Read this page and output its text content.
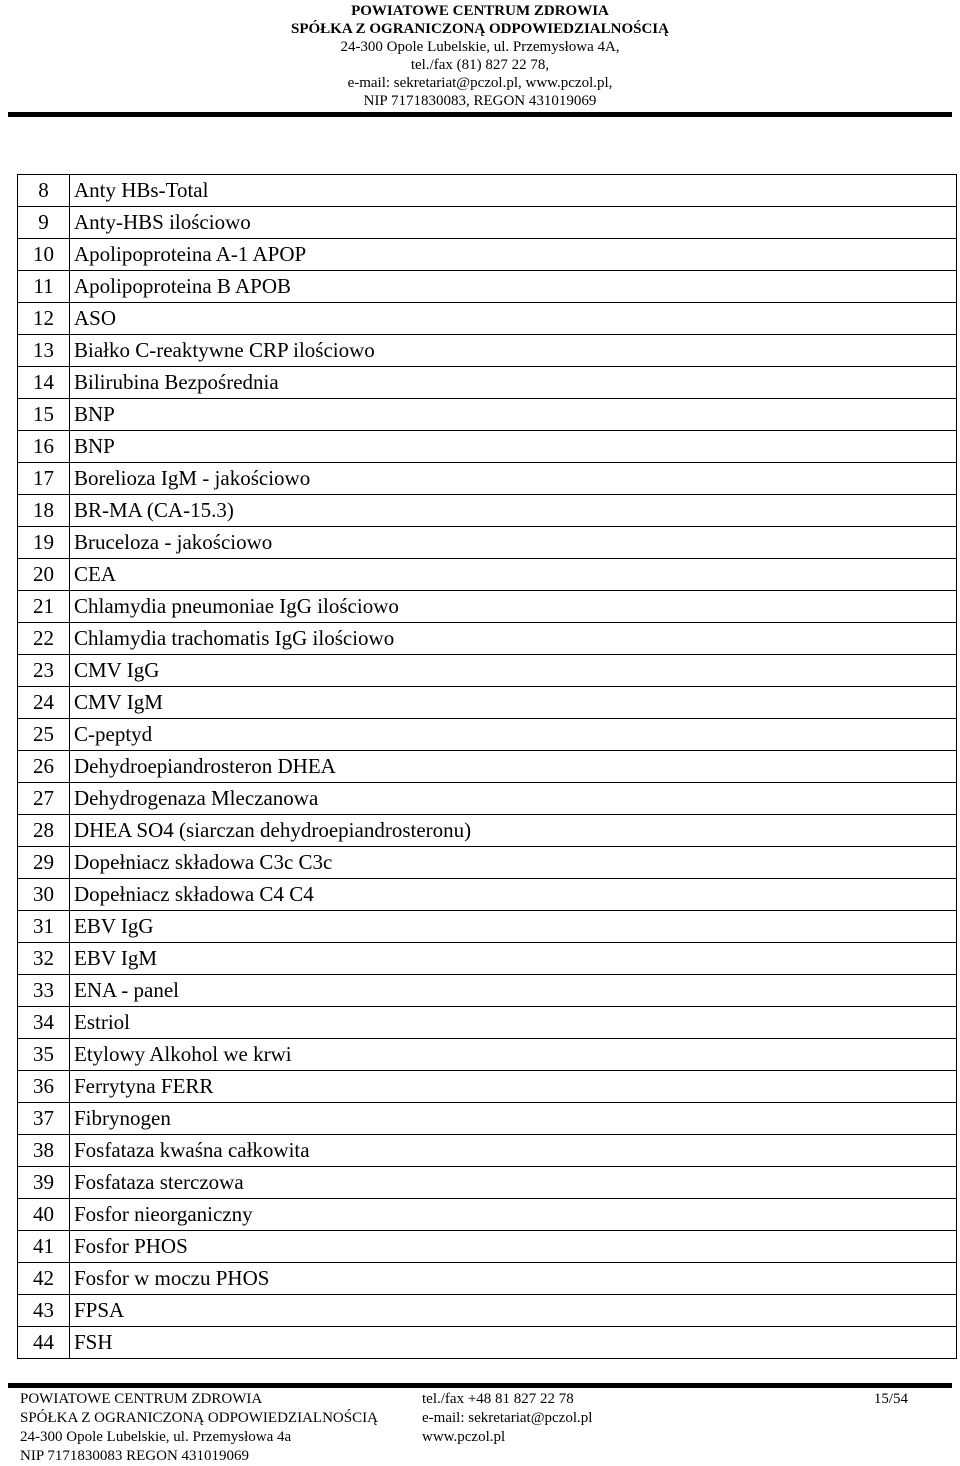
POWIATOWE CENTRUM ZDROWIA
SPÓŁKA Z OGRANICZONĄ ODPOWIEDZIALNOŚCIĄ
24-300 Opole Lubelskie, ul. Przemysłowa 4A,
tel./fax (81) 827 22 78,
e-mail: sekretariat@pczol.pl, www.pczol.pl,
NIP 7171830083, REGON 431019069
8	Anty HBs-Total
9	Anty-HBS ilościowo
10	Apolipoproteina A-1 APOP
11	Apolipoproteina B APOB
12	ASO
13	Białko C-reaktywne CRP ilościowo
14	Bilirubina Bezpośrednia
15	BNP
16	BNP
17	Borelioza IgM - jakościowo
18	BR-MA (CA-15.3)
19	Bruceloza - jakościowo
20	CEA
21	Chlamydia pneumoniae IgG ilościowo
22	Chlamydia trachomatis IgG ilościowo
23	CMV IgG
24	CMV IgM
25	C-peptyd
26	Dehydroepiandrosteron DHEA
27	Dehydrogenaza Mleczanowa
28	DHEA SO4 (siarczan dehydroepiandrosteronu)
29	Dopełniacz składowa C3c C3c
30	Dopełniacz składowa C4 C4
31	EBV IgG
32	EBV IgM
33	ENA - panel
34	Estriol
35	Etylowy Alkohol we krwi
36	Ferrytyna FERR
37	Fibrynogen
38	Fosfataza kwaśna całkowita
39	Fosfataza sterczowa
40	Fosfor nieorganiczny
41	Fosfor PHOS
42	Fosfor w moczu PHOS
43	FPSA
44	FSH
POWIATOWE CENTRUM ZDROWIA
SPÓŁKA Z OGRANICZONĄ ODPOWIEDZIALNOŚCIĄ
24-300 Opole Lubelskie, ul. Przemysłowa 4a
NIP 7171830083 REGON 431019069
tel./fax +48 81 827 22 78
e-mail: sekretariat@pczol.pl
www.pczol.pl
15/54
